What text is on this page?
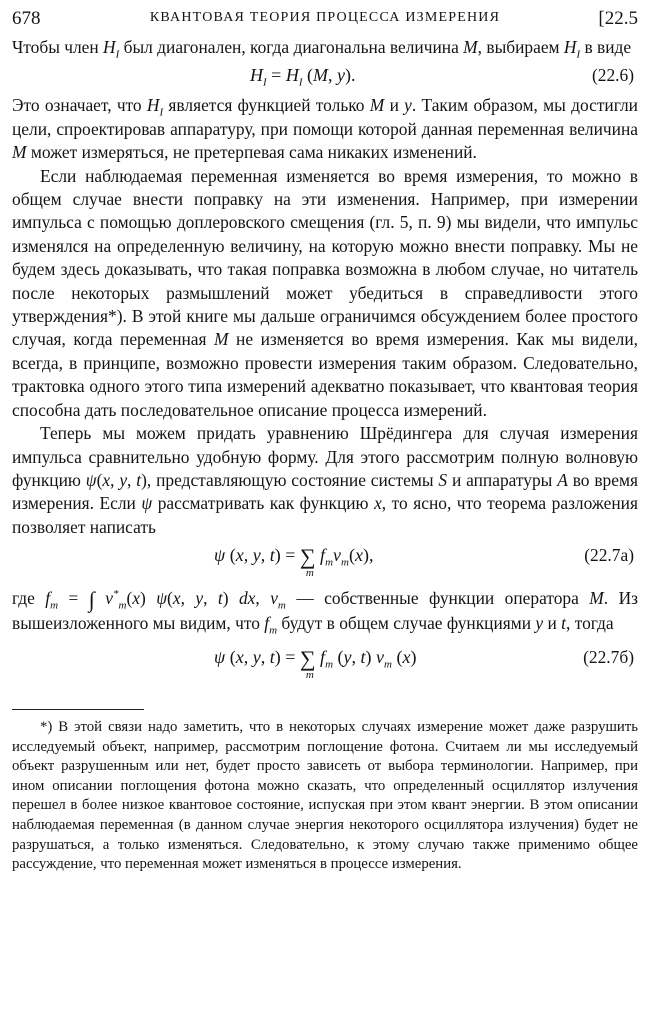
678	КВАНТОВАЯ ТЕОРИЯ ПРОЦЕССА ИЗМЕРЕНИЯ	[22.5

Чтобы член $H_I$ был диагонален, когда диагональна величина M, выбираем $H_I$ в виде

$H_I = H_I$ (M, y).	(22.6)

Это означает, что $H_I$ является функцией только M и y. Таким образом, мы достигли цели, спроектировав аппаратуру, при помощи которой данная переменная величина M может измеряться, не претерпевая сама никаких изменений.

Если наблюдаемая переменная изменяется во время измерения, то можно в общем случае внести поправку на эти изменения. Например, при измерении импульса с помощью доплеровского смещения (гл. 5, п. 9) мы видели, что импульс изменялся на определенную величину, на которую можно внести поправку. Мы не будем здесь доказывать, что такая поправка возможна в любом случае, но читатель после некоторых размышлений может убедиться в справедливости этого утверждения*). В этой книге мы дальше ограничимся обсуждением более простого случая, когда переменная M не изменяется во время измерения. Как мы видели, всегда, в принципе, возможно провести измерения таким образом. Следовательно, трактовка одного этого типа измерений адекватно показывает, что квантовая теория способна дать последовательное описание процесса измерений.

Теперь мы можем придать уравнению Шрёдингера для случая измерения импульса сравнительно удобную форму. Для этого рассмотрим полную волновую функцию ψ(x, y, t), представляющую состояние системы S и аппаратуры A во время измерения. Если ψ рассматривать как функцию x, то ясно, что теорема разложения позволяет написать

ψ (x, y, t) = ∑
m
$f_mv_m(x)$,	(22.7а)

где $f_m$ = ∫ $v^*_m(x)$ ψ(x, y, t) dx, $v_m$ — собственные функции оператора M. Из вышеизложенного мы видим, что $f_m$ будут в общем случае функциями y и t, тогда

ψ (x, y, t) = ∑
m
$f_m$ (y, t) $v_m$ (x)	(22.7б)

*) В этой связи надо заметить, что в некоторых случаях измерение может даже разрушить исследуемый объект, например, рассмотрим поглощение фотона. Считаем ли мы исследуемый объект разрушенным или нет, будет просто зависеть от выбора терминологии. Например, при ином описании поглощения фотона можно сказать, что определенный осциллятор излучения перешел в более низкое квантовое состояние, испуская при этом квант энергии. В этом описании наблюдаемая переменная (в данном случае энергия некоторого осциллятора излучения) будет не разрушаться, а только изменяться. Следовательно, к этому случаю также применимо общее рассуждение, что переменная может изменяться в процессе измерения.
